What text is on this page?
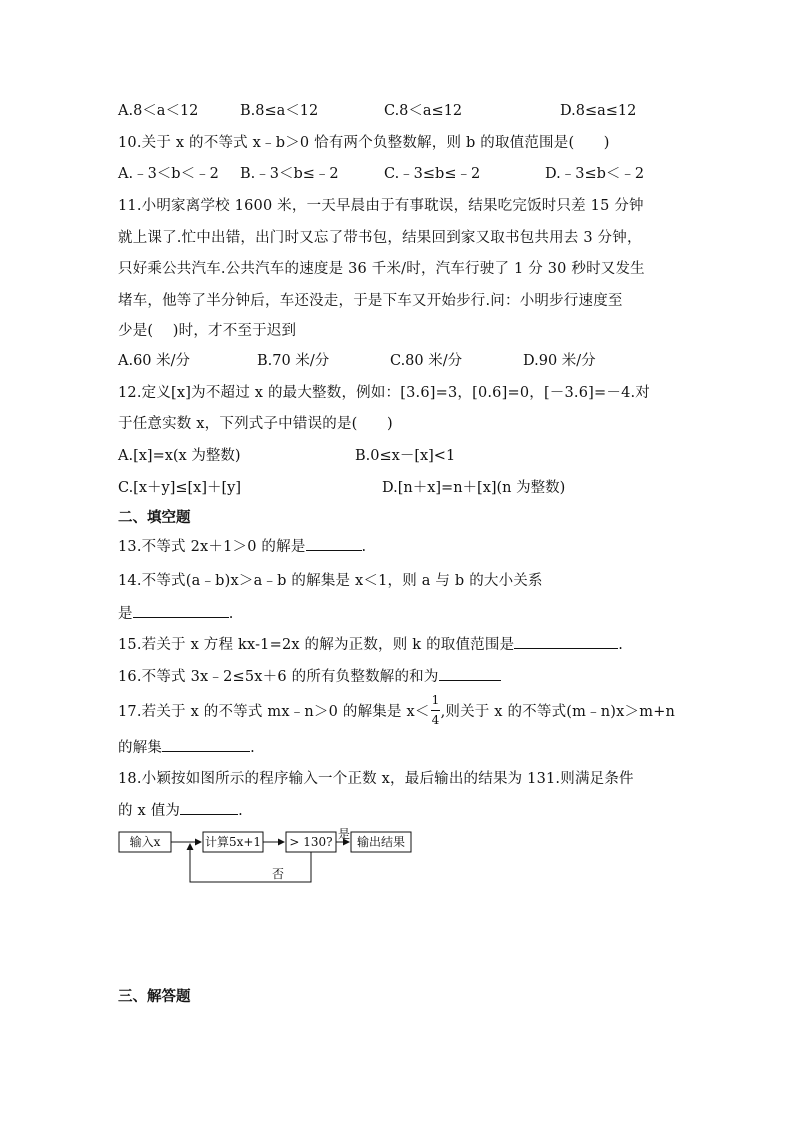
A.8＜a＜12	B.8≤a＜12	C.8＜a≤12	D.8≤a≤12
10.关于 x 的不等式 x﹣b＞0 恰有两个负整数解，则 b 的取值范围是(　　)
A.﹣3＜b＜﹣2 B.﹣3＜b≤﹣2	C.﹣3≤b≤﹣2	D.﹣3≤b＜﹣2
11.小明家离学校 1600 米，一天早晨由于有事耽误，结果吃完饭时只差 15 分钟
就上课了.忙中出错，出门时又忘了带书包，结果回到家又取书包共用去 3 分钟，
只好乘公共汽车.公共汽车的速度是 36 千米/时，汽车行驶了 1 分 30 秒时又发生
堵车，他等了半分钟后，车还没走，于是下车又开始步行.问：小明步行速度至
少是(　 )时，才不至于迟到
A.60 米/分	B.70 米/分	C.80 米/分	D.90 米/分
12.定义[x]为不超过 x 的最大整数，例如：[3.6]=3，[0.6]=0，[－3.6]=－4.对
于任意实数 x，下列式子中错误的是(　　)
A.[x]=x(x 为整数)	B.0≤x－[x]<1
C.[x＋y]≤[x]＋[y]	D.[n＋x]=n＋[x](n 为整数)
二、填空题
13.不等式 2x＋1＞0 的解是	.
14.不等式(a﹣b)x＞a﹣b 的解集是 x＜1，则 a 与 b 的大小关系
是	.
15.若关于 x 方程 kx-1=2x 的解为正数，则 k 的取值范围是	.
16.不等式 3x﹣2≤5x＋6 的所有负整数解的和为
17.若关于 x 的不等式 mx﹣n＞0 的解集是 $x< \frac{1}{4}$ ,则关于 x 的不等式(m﹣n)x＞m+n
的解集	.
18.小颖按如图所示的程序输入一个正数 x，最后输出的结果为 131.则满足条件
的 x 值为	.
输入x	计算5x+1 > 130?
是
输出结果
否
三、解答题
